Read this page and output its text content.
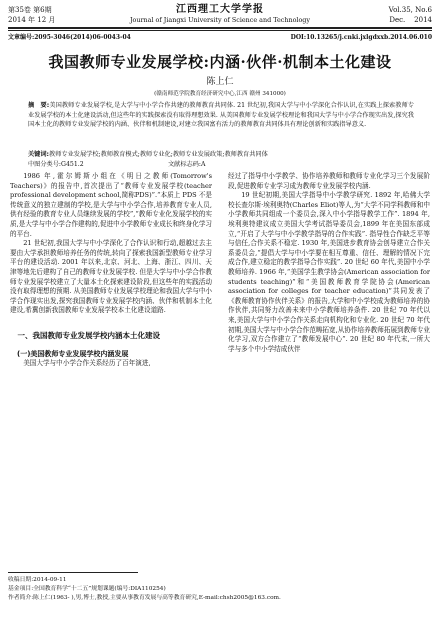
第35卷 第6期
2014 年 12 月
江西理工大学学报
Journal of Jiangxi University of Science and Technology
Vol.35, No.6
Dec.    2014
文章编号:2095-3046(2014)06-0043-04	DOI:10.13265/j.cnki.jxlgdxxb.2014.06.010
我国教师专业发展学校:内涵·伙伴·机制本土化建设
陈上仁
(赣南师范学院教育经济研究中心,江西 赣州 341000)
摘　要:美国教师专业发展学校,是大学与中小学合作共建的教师教育共同体. 21 世纪初,我国大学与中小学深化合作认识,在实践上探索教师专业发展学校的本土化建设活动,但这些年的实践探索没有取得理想效果. 从美国教师专业发展学校理论和我国大学与中小学合作现实出发,探究我国本土化的教师专业发展学校的内涵、伙伴和机制建设,对建立我国富有活力的教师教育共同体具有理论创新和实践指导意义.
关键词:教师专业发展学校;教师教育模式;教师专业化;教师专业发展政策;教师教育共同体
中图分类号:G451.2	文献标志码:A

1986 年,霍尔姆斯小组在《明日之教师(Tomorrow's Teachers)》的报告中,首次提出了“教师专业发展学校(teacher professional development school,简称PDS)”.“本质上 PDS 不是传统意义的独立建制的学校,是大学与中小学合作,培养教育专业人员,供有经验的教育专业人员继续发展的学校”,“教师专业化发展学校的实质,是大学与中小学合作建构的,促进中小学教师专业成长和终身化学习的平台.

21 世纪初,我国大学与中小学深化了合作认识和行动,超越过去主要由大学承担教师培养任务的传统,转向了探索我国新型教师专业学习平台的建设活动. 2001 年以来,北京、河北、上海、浙江、四川、天津等地先后建构了自己的教师专业发展学校. 但是大学与中小学合作教师专业发展学校建立了大量本土化探索建设阶段,但这些年的实践活动没有取得理想的预期. 从美国教师专业发展学校理论和我国大学与中小学合作现实出发,探究我国教师专业发展学校内涵、伙伴和机制本土化建设,希冀创新我国教师专业发展学校本土化建设道路.

一、我国教师专业发展学校内涵本土化建设
(一)美国教师专业发展学校内涵发展

美国大学与中小学合作关系经历了百年演进,

经过了指导中小学教学、协作培养教师和教师专业化学习三个发展阶段,促进教师专业学习成为教师专业发展学校内涵.

19 世纪初期,美国大学指导中小学教学研究. 1892 年,哈佛大学校长查尔斯·埃利奥特(Charles Eliot)等人,为“大学不同学科教师和中小学教师共同组成一个委员会,深入中小学指导教学工作”. 1894 年,埃利奥特建议成立美国大学考试指导委员会,1899 年在美国东部成立,“开启了大学与中小学教学指导的合作实践”. 指导性合作缺乏平等与信任,合作关系不稳定. 1930 年,美国进步教育协会创导建立合作关系委员会,“提倡大学与中小学要在相互尊重、信任、理解的情况下完成合作,建立稳定的教学指导合作实践”. 20 世纪 60 年代,美国中小学教师培养. 1966 年,“美国学生教学协会(American association for students teaching)”和“美国教师教育学院协会(American association for colleges for teacher education)”共同发表了《教师教育协作伙伴关系》的报告,大学和中小学校成为教师培养的协作伙伴,共同努力改善未来中小学教师培养条件. 20 世纪 70 年代以来,美国大学与中小学合作关系走向机构化和专业化. 20 世纪 70 年代初期,美国大学与中小学合作范畴拓宽,从协作培养教师拓展到教师专业化学习,双方合作建立了“教师发展中心”. 20 世纪 80 年代末,一所大学与多个中小学结成伙伴

收稿日期:2014-09-11
基金项目:全国教育科学“十二五”规划课题(编号:DIA110254)
作者简介:陈上仁(1963- ),男,博士,教授,主要从事教育发展与高等教育研究,E-mail:chsh2005@163.com.
